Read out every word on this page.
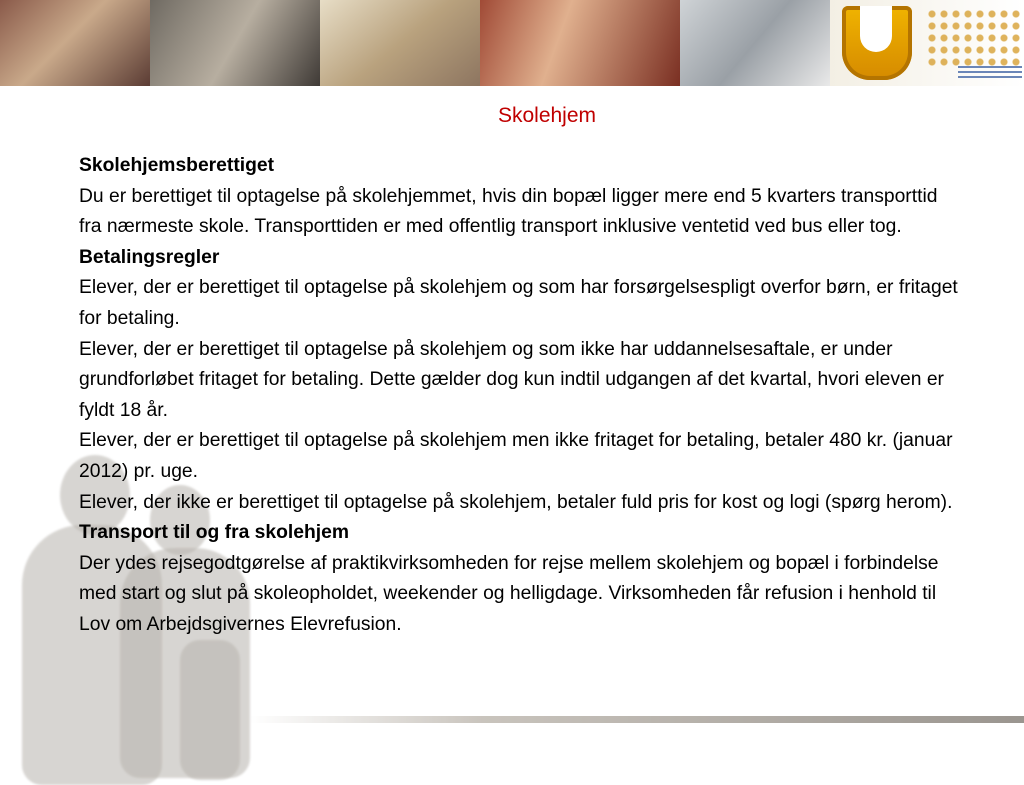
Skolehjem

Skolehjemsberettiget

Du er berettiget til optagelse på skolehjemmet, hvis din bopæl ligger mere end 5 kvarters transporttid fra nærmeste skole. Transporttiden er med offentlig transport inklusive ventetid ved bus eller tog.

Betalingsregler

Elever, der er berettiget til optagelse på skolehjem og som har forsørgelsespligt overfor børn, er fritaget for betaling.

Elever, der er berettiget til optagelse på skolehjem og som ikke har uddannelsesaftale, er under grundforløbet fritaget for betaling. Dette gælder dog kun indtil udgangen af det kvartal, hvori eleven er fyldt 18 år.

Elever, der er berettiget til optagelse på skolehjem men ikke fritaget for betaling, betaler 480 kr. (januar 2012) pr. uge.

Elever, der ikke er berettiget til optagelse på skolehjem, betaler fuld pris for kost og logi (spørg herom).

Transport til og fra skolehjem

Der ydes rejsegodtgørelse af praktikvirksomheden for rejse mellem skolehjem og bopæl i forbindelse med start og slut på skoleopholdet, weekender og helligdage. Virksomheden får refusion i henhold til Lov om Arbejdsgivernes Elevrefusion.
